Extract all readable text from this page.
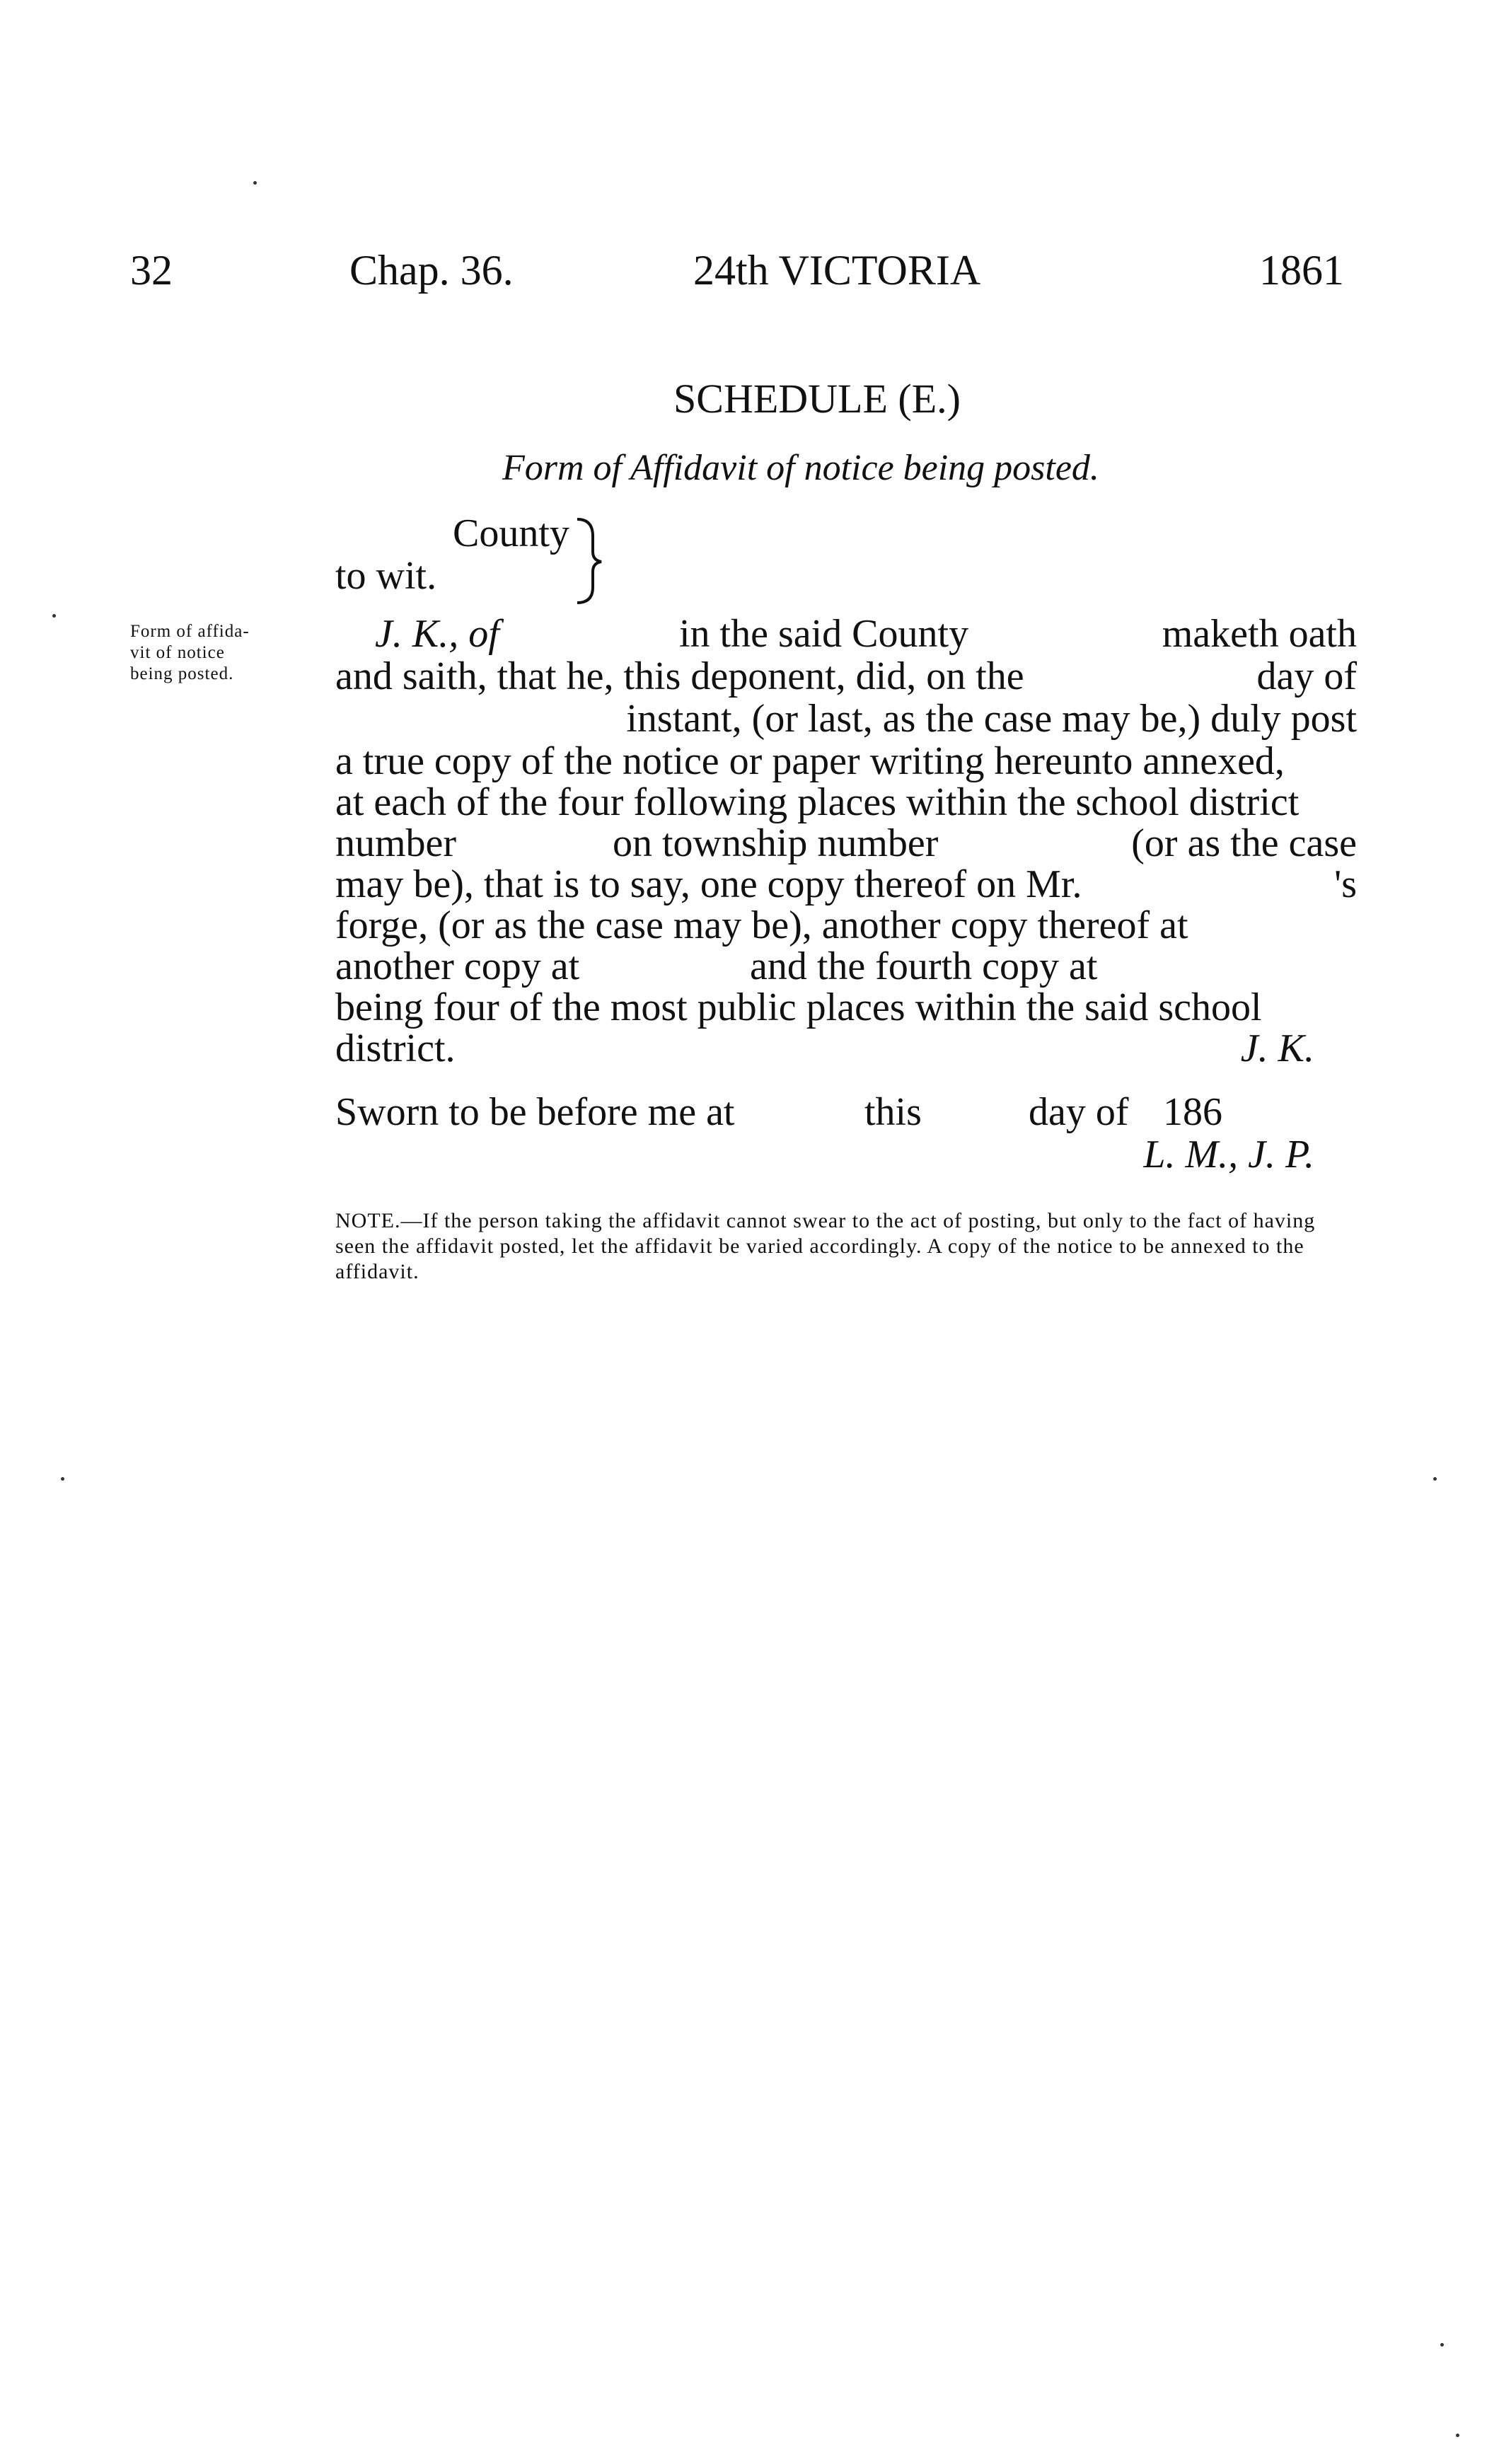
32	Chap. 36.	24th VICTORIA	1861
SCHEDULE (E.)
Form of Affidavit of notice being posted.
County
to wit.
Form of affida-
vit of notice
being posted.
J. K., of	in the said County	maketh oath
and saith, that he, this deponent, did, on the	day of
instant, (or last, as the case may be,) duly post
a true copy of the notice or paper writing hereunto annexed,
at each of the four following places within the school district
number	on township number	(or as the case
may be), that is to say, one copy thereof on Mr.	's
forge, (or as the case may be), another copy thereof at
another copy at	and the fourth copy at
being four of the most public places within the said school
district.	J. K.
Sworn to be before me at	this	day of 186
L. M., J. P.
NOTE.—If the person taking the affidavit cannot swear to the act of posting, but only to the fact of having seen the affidavit posted, let the affidavit be varied accordingly. A copy of the notice to be annexed to the affidavit.
